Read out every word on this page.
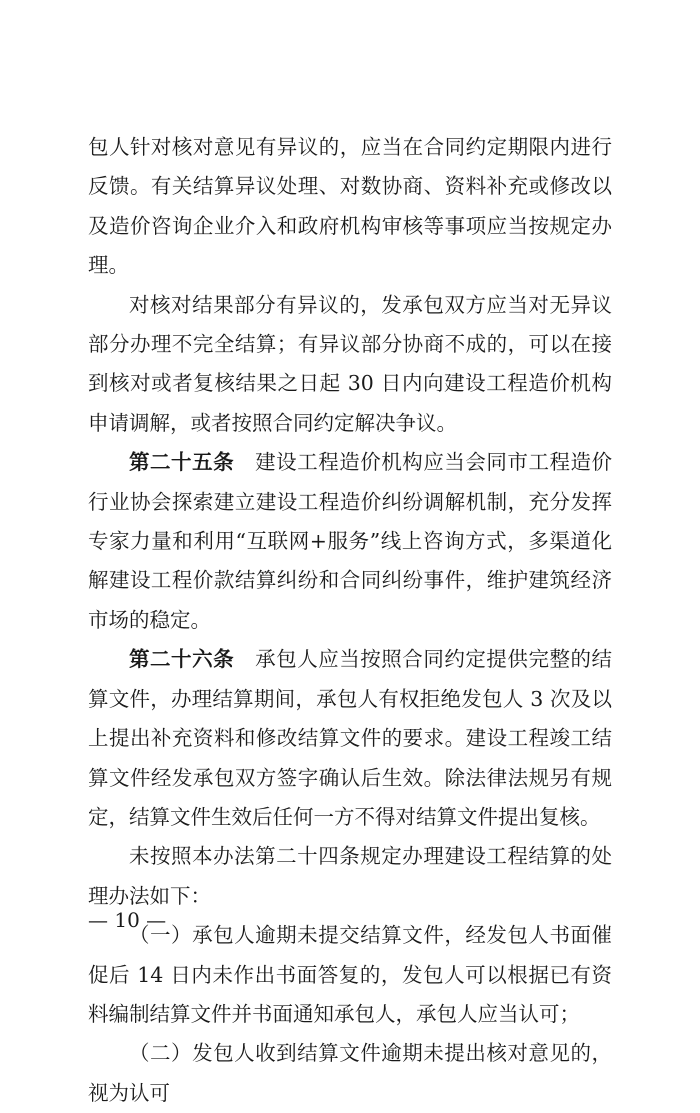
包人针对核对意见有异议的，应当在合同约定期限内进行反馈。有关结算异议处理、对数协商、资料补充或修改以及造价咨询企业介入和政府机构审核等事项应当按规定办理。

对核对结果部分有异议的，发承包双方应当对无异议部分办理不完全结算；有异议部分协商不成的，可以在接到核对或者复核结果之日起 30 日内向建设工程造价机构申请调解，或者按照合同约定解决争议。

第二十五条　建设工程造价机构应当会同市工程造价行业协会探索建立建设工程造价纠纷调解机制，充分发挥专家力量和利用“互联网+服务”线上咨询方式，多渠道化解建设工程价款结算纠纷和合同纠纷事件，维护建筑经济市场的稳定。

第二十六条　承包人应当按照合同约定提供完整的结算文件，办理结算期间，承包人有权拒绝发包人 3 次及以上提出补充资料和修改结算文件的要求。建设工程竣工结算文件经发承包双方签字确认后生效。除法律法规另有规定，结算文件生效后任何一方不得对结算文件提出复核。

未按照本办法第二十四条规定办理建设工程结算的处理办法如下：

（一）承包人逾期未提交结算文件，经发包人书面催促后 14 日内未作出书面答复的，发包人可以根据已有资料编制结算文件并书面通知承包人，承包人应当认可；

（二）发包人收到结算文件逾期未提出核对意见的，视为认可

— 10 —
